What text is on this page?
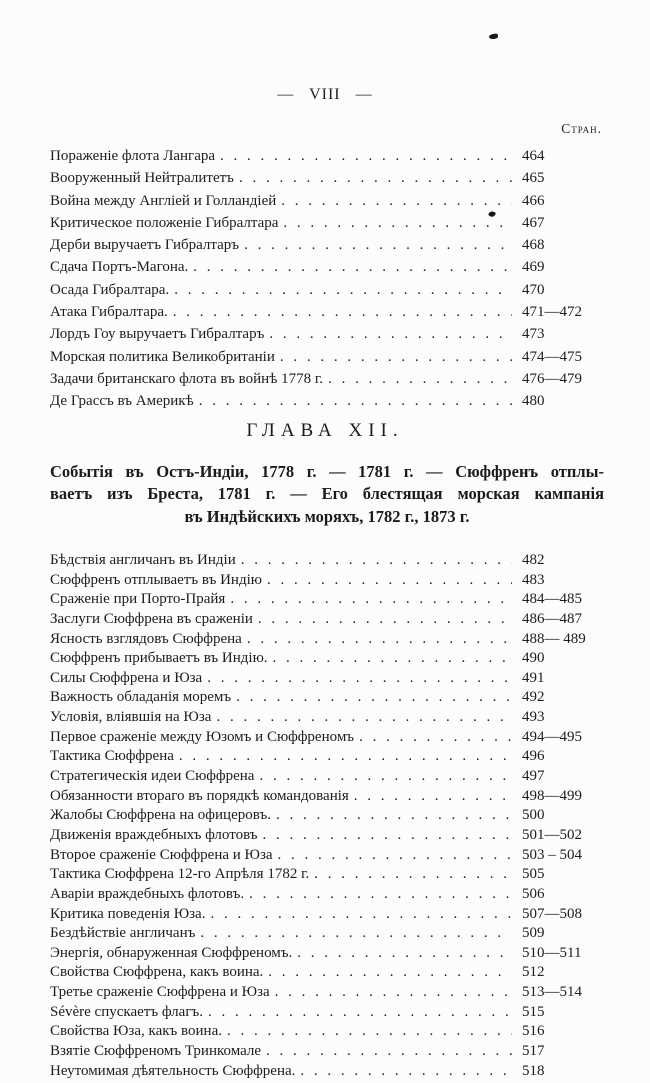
— VIII —
Стран.
Пораженіе флота Лангара . . .	464
Вооруженный Нейтралитетъ . . .	465
Война между Англіей и Голландіей . . .	466
Критическое положеніе Гибралтара . . .	467
Дерби выручаетъ Гибралтаръ . . .	468
Сдача Портъ-Магона. . . .	469
Осада Гибралтара. . . .	470
Атака Гибралтара. . . .	471—472
Лордъ Гоу выручаетъ Гибралтаръ . . .	473
Морская политика Великобританіи . . .	474—475
Задачи британскаго флота въ войнѣ 1778 г. . . .	476—479
Де Грассъ въ Америкѣ . . .	480
ГЛАВА XII.
Событія въ Остъ-Индіи, 1778 г. — 1781 г. — Сюффренъ отплы-
ваетъ изъ Бреста, 1781 г. — Его блестящая морская кампанія
въ Индѣйскихъ моряхъ, 1782 г., 1873 г.
Бѣдствія англичанъ въ Индіи . . .	482
Сюффренъ отплываетъ въ Индію . . .	483
Сраженіе при Порто-Прайя . . .	484—485
Заслуги Сюффрена въ сраженіи . . .	486—487
Ясность взглядовъ Сюффрена . . .	488— 489
Сюффренъ прибываетъ въ Индію. . . .	490
Силы Сюффрена и Юза . . .	491
Важность обладанія моремъ . . .	492
Условія, вліявшія на Юза . . .	493
Первое сраженіе между Юзомъ и Сюффреномъ . . .	494—495
Тактика Сюффрена . . .	496
Стратегическія идеи Сюффрена . . .	497
Обязанности втораго въ порядкѣ командованія . . .	498—499
Жалобы Сюффрена на офицеровъ. . . .	500
Движенія враждебныхъ флотовъ . . .	501—502
Второе сраженіе Сюффрена и Юза . . .	503 – 504
Тактика Сюффрена 12-го Апрѣля 1782 г. . . .	505
Аваріи враждебныхъ флотовъ. . . .	506
Критика поведенія Юза. . . .	507—508
Бездѣйствіе англичанъ . . .	509
Энергія, обнаруженная Сюффреномъ. . . .	510—511
Свойства Сюффрена, какъ воина. . . .	512
Третье сраженіе Сюффрена и Юза . . .	513—514
Sévère спускаетъ флагъ. . . .	515
Свойства Юза, какъ воина. . . .	516
Взятіе Сюффреномъ Тринкомале . . .	517
Неутомимая дѣятельность Сюффрена. . . .	518
